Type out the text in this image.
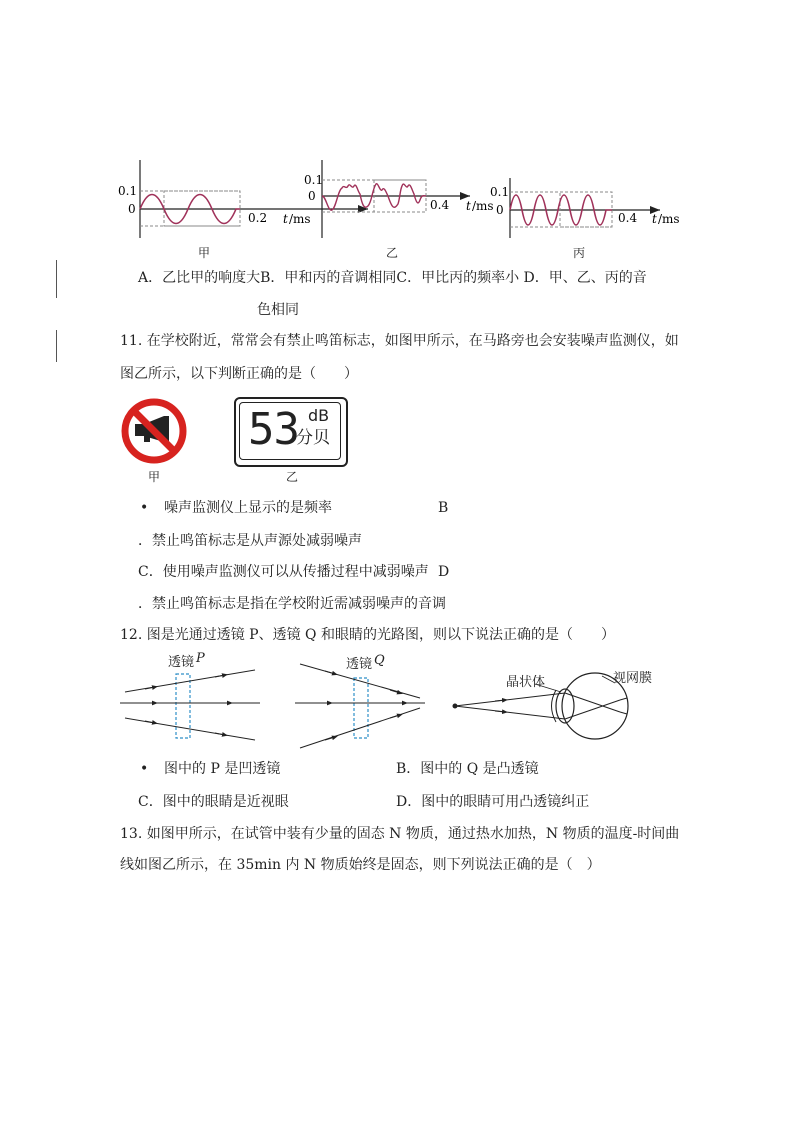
0.1
0
0.2 t /ms
0.1
0
0.4 t /ms
0.1
0
0.4 t /ms
甲	乙	丙
A．乙比甲的响度大B．甲和丙的音调相同C．甲比丙的频率小 D．甲、乙、丙的音
色相同
11. 在学校附近，常常会有禁止鸣笛标志，如图甲所示，在马路旁也会安装噪声监测仪，如
图乙所示，以下判断正确的是（　　）
甲
53 dB
分贝
乙
• 噪声监测仪上显示的是频率	B
．禁止鸣笛标志是从声源处减弱噪声
C．使用噪声监测仪可以从传播过程中减弱噪声 D
．禁止鸣笛标志是指在学校附近需减弱噪声的音调
12. 图是光通过透镜 P、透镜 Q 和眼睛的光路图，则以下说法正确的是（　　）
透镜 P	透镜 Q
晶状体	视网膜
• 图中的 P 是凹透镜	B．图中的 Q 是凸透镜
C．图中的眼睛是近视眼	D．图中的眼睛可用凸透镜纠正
13. 如图甲所示，在试管中装有少量的固态 N 物质，通过热水加热，N 物质的温度-时间曲
线如图乙所示，在 35min 内 N 物质始终是固态，则下列说法正确的是（　）
